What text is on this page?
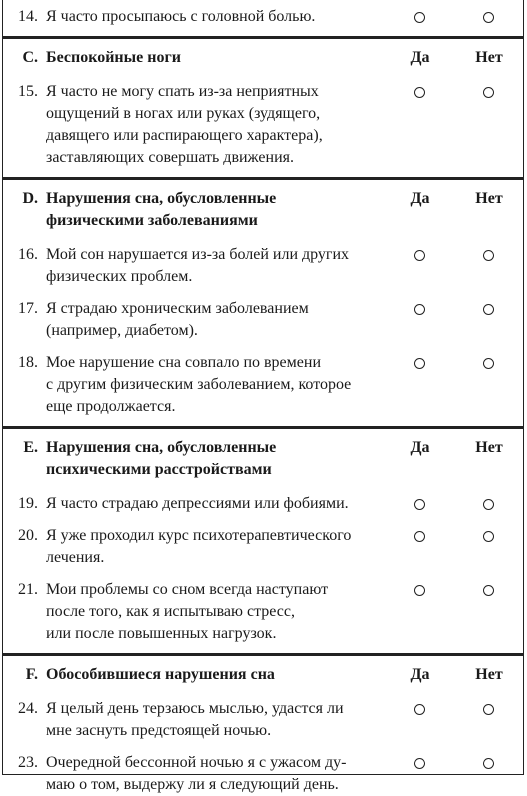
14. Я часто просыпаюсь с головной болью.
C. Беспокойные ноги	Да	Нет
15. Я часто не могу спать из-за неприятных
ощущений в ногах или руках (зудящего,
давящего или распирающего характера),
заставляющих совершать движения.
D. Нарушения сна, обусловленные
физическими заболеваниями
Да	Нет
16. Мой сон нарушается из-за болей или других
физических проблем.
17. Я страдаю хроническим заболеванием
(например, диабетом).
18. Мое нарушение сна совпало по времени
с другим физическим заболеванием, которое
еще продолжается.
E. Нарушения сна, обусловленные
психическими расстройствами
Да	Нет
19. Я часто страдаю депрессиями или фобиями.
20. Я уже проходил курс психотерапевтического
лечения.
21. Мои проблемы со сном всегда наступают
после того, как я испытываю стресс,
или после повышенных нагрузок.
F. Обособившиеся нарушения сна	Да	Нет
24. Я целый день терзаюсь мыслью, удастся ли
мне заснуть предстоящей ночью.
23. Очередной бессонной ночью я с ужасом ду-
маю о том, выдержу ли я следующий день.
